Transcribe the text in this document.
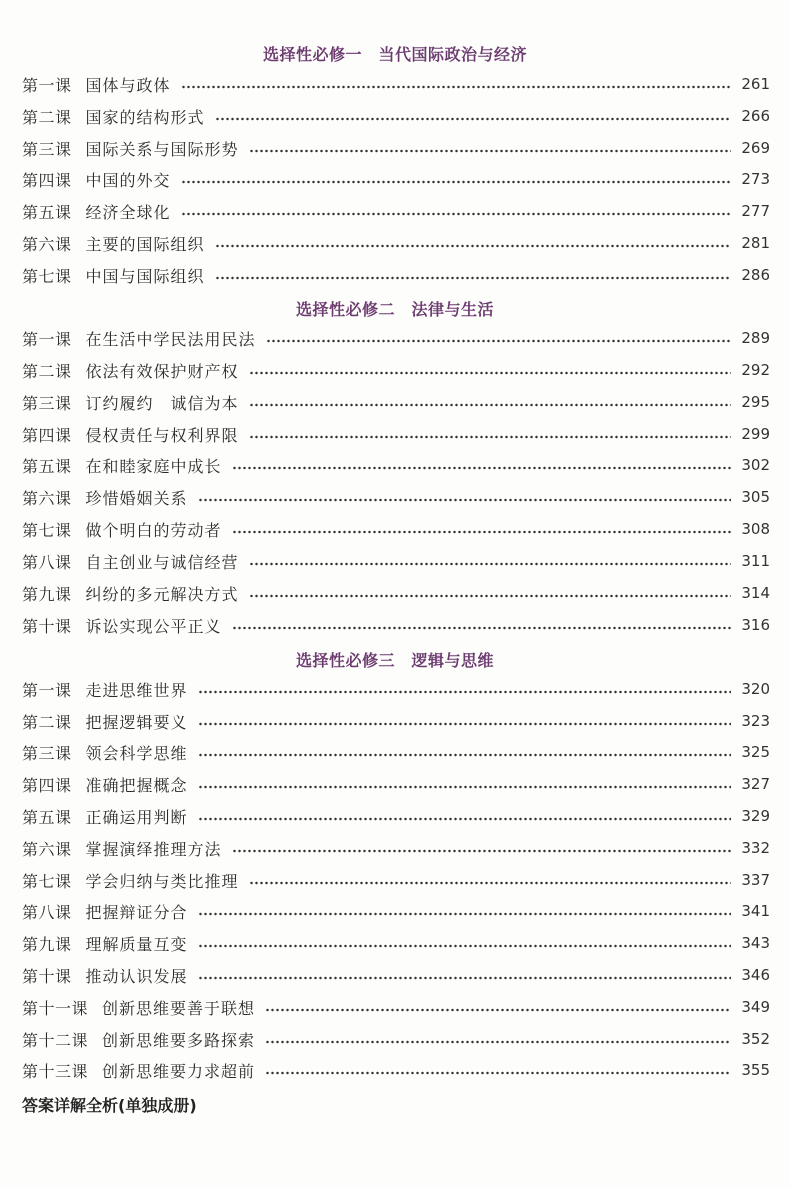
选择性必修一　当代国际政治与经济
第一课 国体与政体	261
第二课 国家的结构形式	266
第三课 国际关系与国际形势	269
第四课 中国的外交	273
第五课 经济全球化	277
第六课 主要的国际组织	281
第七课 中国与国际组织	286
选择性必修二　法律与生活
第一课 在生活中学民法用民法	289
第二课 依法有效保护财产权	292
第三课 订约履约　诚信为本	295
第四课 侵权责任与权利界限	299
第五课 在和睦家庭中成长	302
第六课 珍惜婚姻关系	305
第七课 做个明白的劳动者	308
第八课 自主创业与诚信经营	311
第九课 纠纷的多元解决方式	314
第十课 诉讼实现公平正义	316
选择性必修三　逻辑与思维
第一课 走进思维世界	320
第二课 把握逻辑要义	323
第三课 领会科学思维	325
第四课 准确把握概念	327
第五课 正确运用判断	329
第六课 掌握演绎推理方法	332
第七课 学会归纳与类比推理	337
第八课 把握辩证分合	341
第九课 理解质量互变	343
第十课 推动认识发展	346
第十一课 创新思维要善于联想	349
第十二课 创新思维要多路探索	352
第十三课 创新思维要力求超前	355
答案详解全析(单独成册)
